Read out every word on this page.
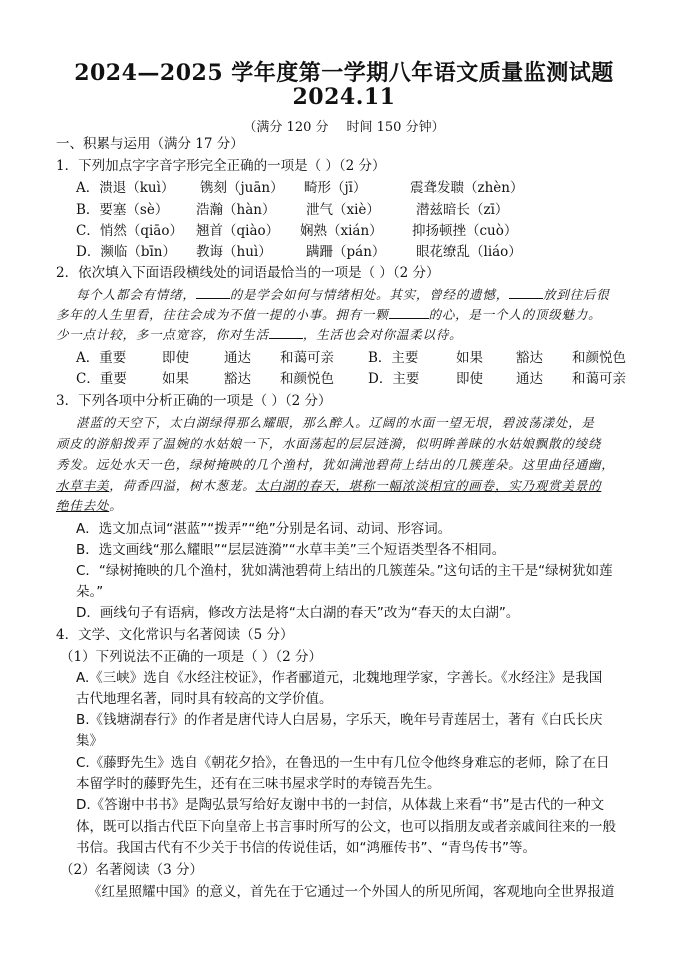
2024—2025 学年度第一学期八年语文质量监测试题
2024.11
（满分 120 分 时间 150 分钟）
一、积累与运用（满分 17 分）
1．下列加点字字音字形完全正确的一项是（ ）（2 分）
A．溃退（kuì） 镌刻（juān） 畸形（jī）	震聋发聩（zhèn）
B．要塞（sè） 浩瀚（hàn） 泄气（xiè）	潜兹暗长（zī）
C．悄然（qiāo） 翘首（qiào） 娴熟（xián） 抑扬顿挫（cuò）
D．濒临（bīn） 教诲（huì）	蹒跚（pán） 眼花缭乱（liáo）
2．依次填入下面语段横线处的词语最恰当的一项是（ ）（2 分）
每个人都会有情绪，	的是学会如何与情绪相处。其实，曾经的遗憾，	放到往后很
多年的人生里看，往往会成为不值一提的小事。拥有一颗	的心，是一个人的顶级魅力。
少一点计较，多一点宽容，你对生活	，生活也会对你温柔以待。
A．重要	即使	通达 和蔼可亲	B．主要	如果 豁达 和颜悦色
C．重要	如果	豁达 和颜悦色	D．主要	即使 通达 和蔼可亲
3．下列各项中分析正确的一项是（ ）（2 分）
湛蓝的天空下，太白湖绿得那么耀眼，那么醉人。辽阔的水面一望无垠，碧波荡漾处，是
顽皮的游船拨弄了温婉的水姑娘一下，水面荡起的层层涟漪，似明眸善睐的水姑娘飘散的绫绕
秀发。远处水天一色，绿树掩映的几个渔村，犹如满池碧荷上结出的几簇莲朵。这里曲径通幽，
水草丰美，荷香四溢，树木葱茏。太白湖的春天，堪称一幅浓淡相宜的画卷，实乃观赏美景的
绝佳去处。
A．选文加点词“湛蓝”“拨弄”“绝”分别是名词、动词、形容词。
B．选文画线“那么耀眼”“层层涟漪”“水草丰美”三个短语类型各不相同。
C．“绿树掩映的几个渔村，犹如满池碧荷上结出的几簇莲朵。”这句话的主干是“绿树犹如莲
朵。”
D．画线句子有语病，修改方法是将“太白湖的春天”改为“春天的太白湖”。
4．文学、文化常识与名著阅读（5 分）
（1）下列说法不正确的一项是（ ）（2 分）
A.《三峡》选自《水经注校证》，作者郦道元，北魏地理学家，字善长。《水经注》是我国
古代地理名著，同时具有较高的文学价值。
B.《钱塘湖春行》的作者是唐代诗人白居易，字乐天，晚年号青莲居士，著有《白氏长庆
集》
C.《藤野先生》选自《朝花夕拾》，在鲁迅的一生中有几位令他终身难忘的老师，除了在日
本留学时的藤野先生，还有在三味书屋求学时的寿镜吾先生。
D.《答谢中书书》是陶弘景写给好友谢中书的一封信，从体裁上来看“书”是古代的一种文
体，既可以指古代臣下向皇帝上书言事时所写的公文，也可以指朋友或者亲戚间往来的一般
书信。我国古代有不少关于书信的传说佳话，如“鸿雁传书”、“青鸟传书”等。
（2）名著阅读（3 分）
《红星照耀中国》的意义，首先在于它通过一个外国人的所见所闻，客观地向全世界报道
